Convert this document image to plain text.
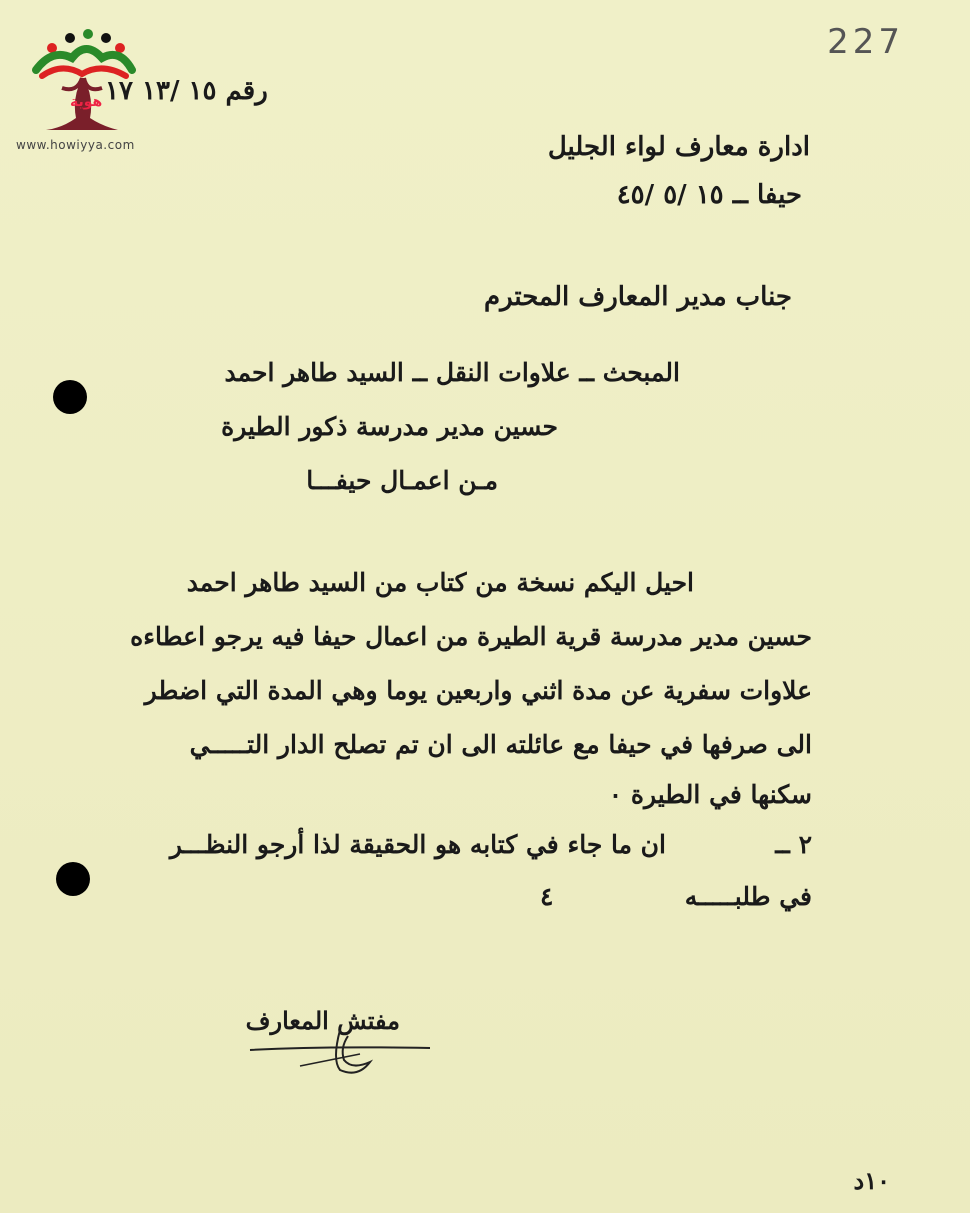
هوية
www.howiyya.com
227
رقم ١٥ /١٣ ١٧
ادارة معارف لواء الجليل
حيفا ــ ١٥ /٥ /٤٥
جناب مدير المعارف المحترم
المبحث ــ علاوات النقل ــ السيد طاهر احمد
حسين مدير مدرسة ذكور الطيرة
مـن اعمـال حيفـــا
احيل اليكم نسخة من كتاب من السيد طاهر احمد
حسين مدير مدرسة قرية الطيرة من اعمال حيفا فيه يرجو اعطاءه
علاوات سفرية عن مدة اثني واربعين يوما وهي المدة التي اضطر
الى صرفها في حيفا مع عائلته الى ان تم تصلح الدار التـــــي
سكنها في الطيرة ٠
٢ ــ
ان ما جاء في كتابه هو الحقيقة لذا أرجو النظـــر
في طلبـــــه
٤
مفتش المعارف
١٠د
